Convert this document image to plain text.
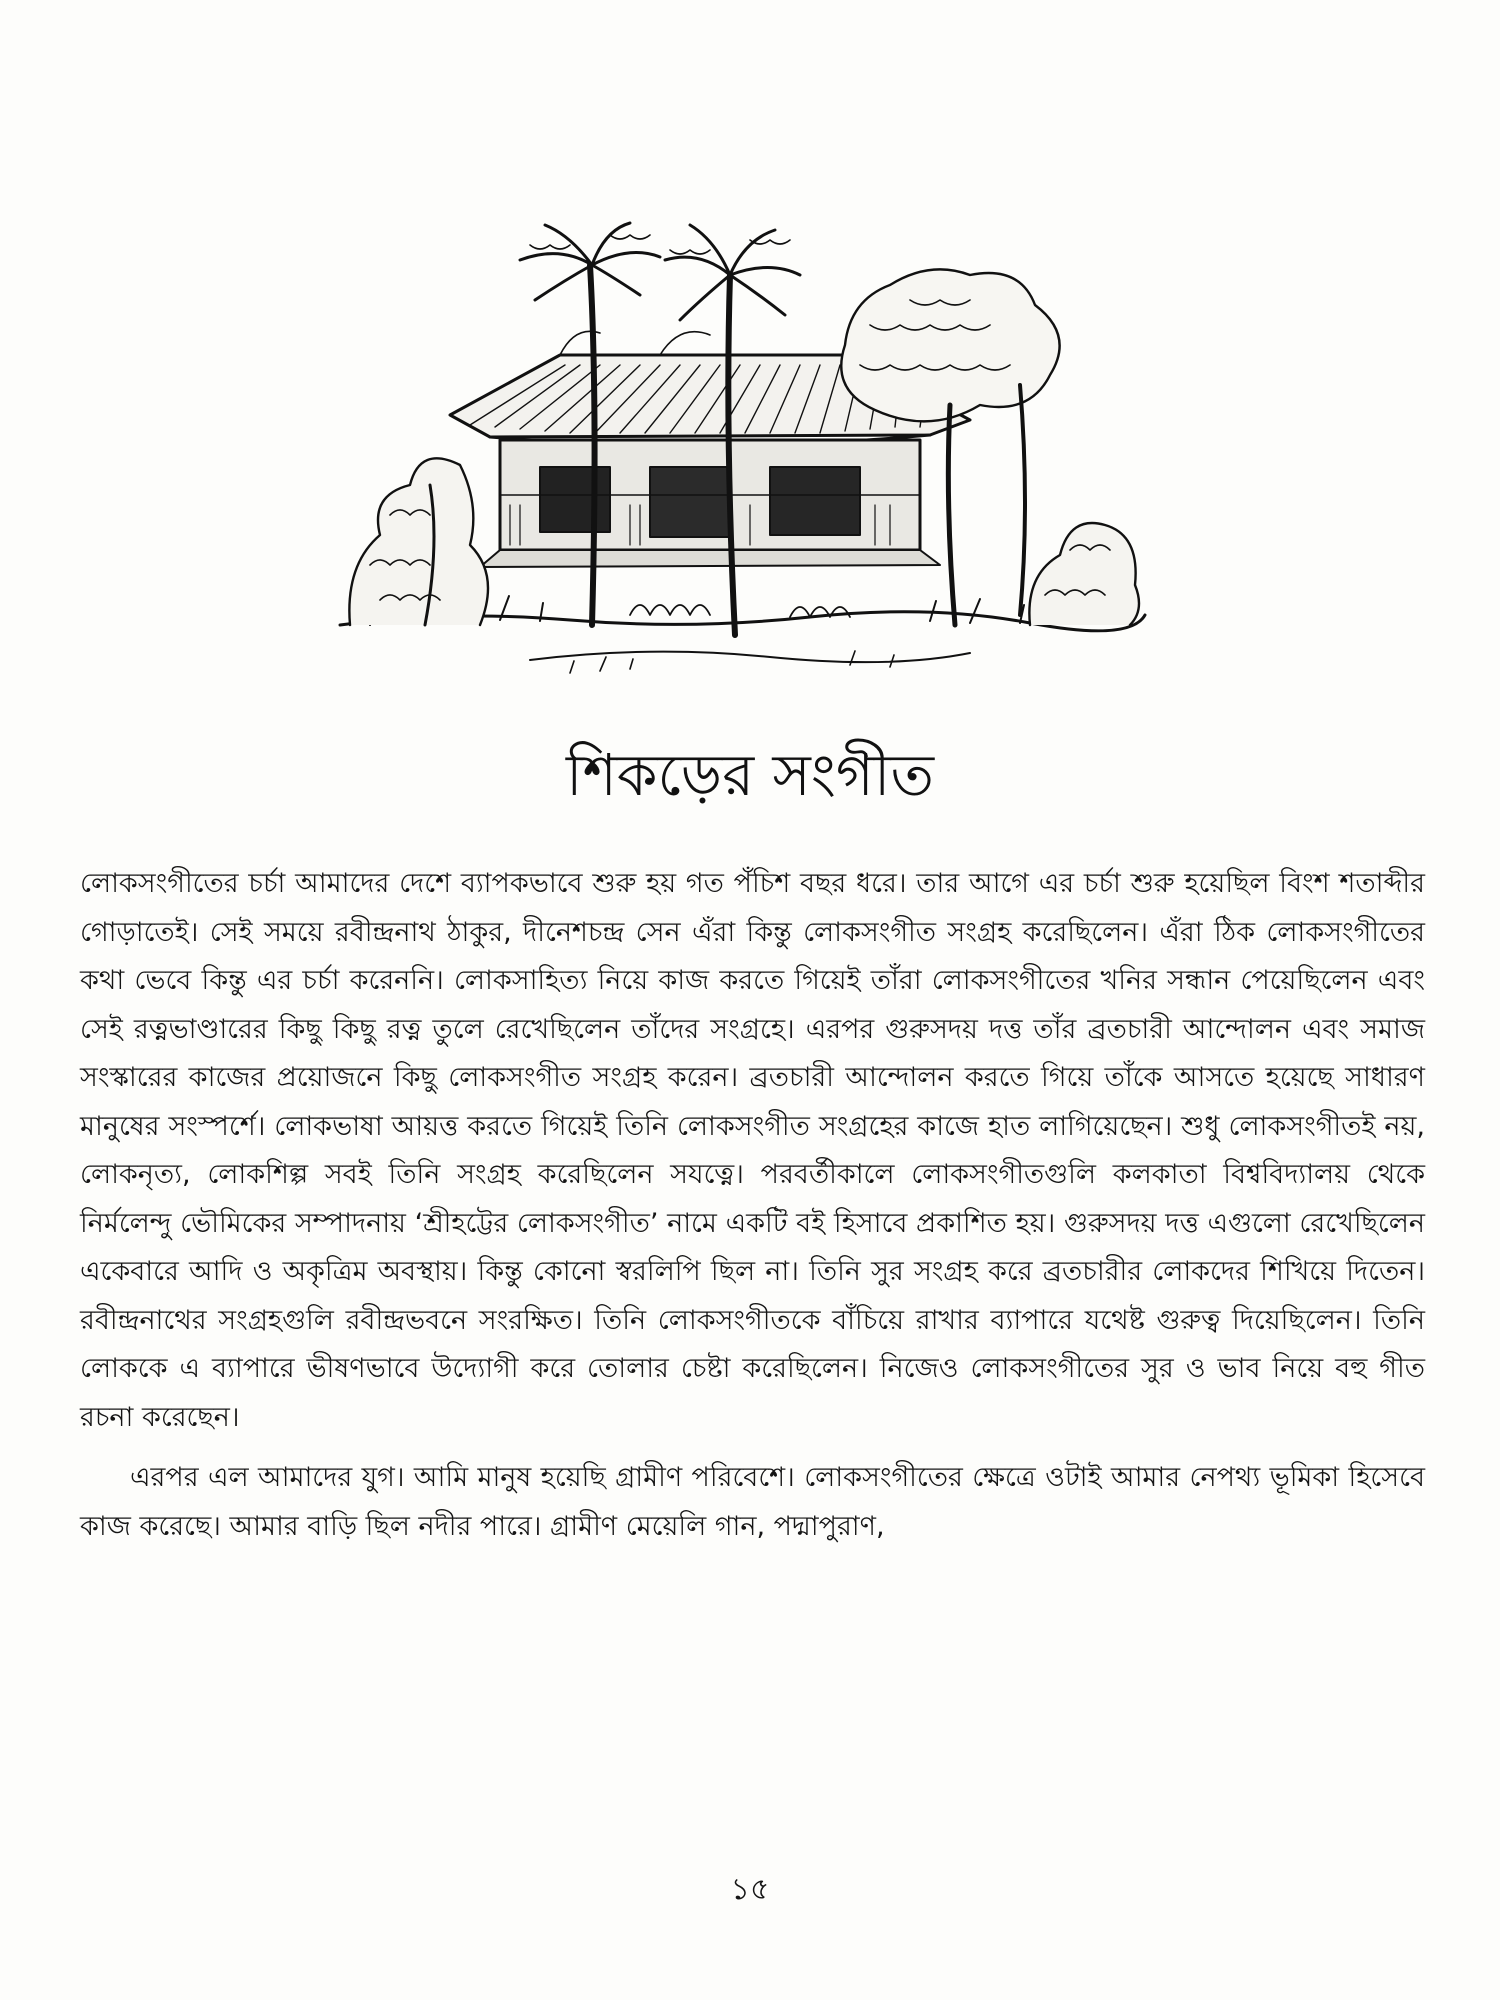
শিকড়ের সংগীত

লোকসংগীতের চর্চা আমাদের দেশে ব্যাপকভাবে শুরু হয় গত পঁচিশ বছর ধরে। তার আগে এর চর্চা শুরু হয়েছিল বিংশ শতাব্দীর গোড়াতেই। সেই সময়ে রবীন্দ্রনাথ ঠাকুর, দীনেশচন্দ্র সেন এঁরা কিন্তু লোকসংগীত সংগ্রহ করেছিলেন। এঁরা ঠিক লোকসংগীতের কথা ভেবে কিন্তু এর চর্চা করেননি। লোকসাহিত্য নিয়ে কাজ করতে গিয়েই তাঁরা লোকসংগীতের খনির সন্ধান পেয়েছিলেন এবং সেই রত্নভাণ্ডারের কিছু কিছু রত্ন তুলে রেখেছিলেন তাঁদের সংগ্রহে। এরপর গুরুসদয় দত্ত তাঁর ব্রতচারী আন্দোলন এবং সমাজ সংস্কারের কাজের প্রয়োজনে কিছু লোকসংগীত সংগ্রহ করেন। ব্রতচারী আন্দোলন করতে গিয়ে তাঁকে আসতে হয়েছে সাধারণ মানুষের সংস্পর্শে। লোকভাষা আয়ত্ত করতে গিয়েই তিনি লোকসংগীত সংগ্রহের কাজে হাত লাগিয়েছেন। শুধু লোকসংগীতই নয়, লোকনৃত্য, লোকশিল্প সবই তিনি সংগ্রহ করেছিলেন সযত্নে। পরবর্তীকালে লোকসংগীতগুলি কলকাতা বিশ্ববিদ্যালয় থেকে নির্মলেন্দু ভৌমিকের সম্পাদনায় ‘শ্রীহট্টের লোকসংগীত’ নামে একটি বই হিসাবে প্রকাশিত হয়। গুরুসদয় দত্ত এগুলো রেখেছিলেন একেবারে আদি ও অকৃত্রিম অবস্থায়। কিন্তু কোনো স্বরলিপি ছিল না। তিনি সুর সংগ্রহ করে ব্রতচারীর লোকদের শিখিয়ে দিতেন। রবীন্দ্রনাথের সংগ্রহগুলি রবীন্দ্রভবনে সংরক্ষিত। তিনি লোকসংগীতকে বাঁচিয়ে রাখার ব্যাপারে যথেষ্ট গুরুত্ব দিয়েছিলেন। তিনি লোককে এ ব্যাপারে ভীষণভাবে উদ্যোগী করে তোলার চেষ্টা করেছিলেন। নিজেও লোকসংগীতের সুর ও ভাব নিয়ে বহু গীত রচনা করেছেন।

এরপর এল আমাদের যুগ। আমি মানুষ হয়েছি গ্রামীণ পরিবেশে। লোকসংগীতের ক্ষেত্রে ওটাই আমার নেপথ্য ভূমিকা হিসেবে কাজ করেছে। আমার বাড়ি ছিল নদীর পারে। গ্রামীণ মেয়েলি গান, পদ্মাপুরাণ,

১৫
